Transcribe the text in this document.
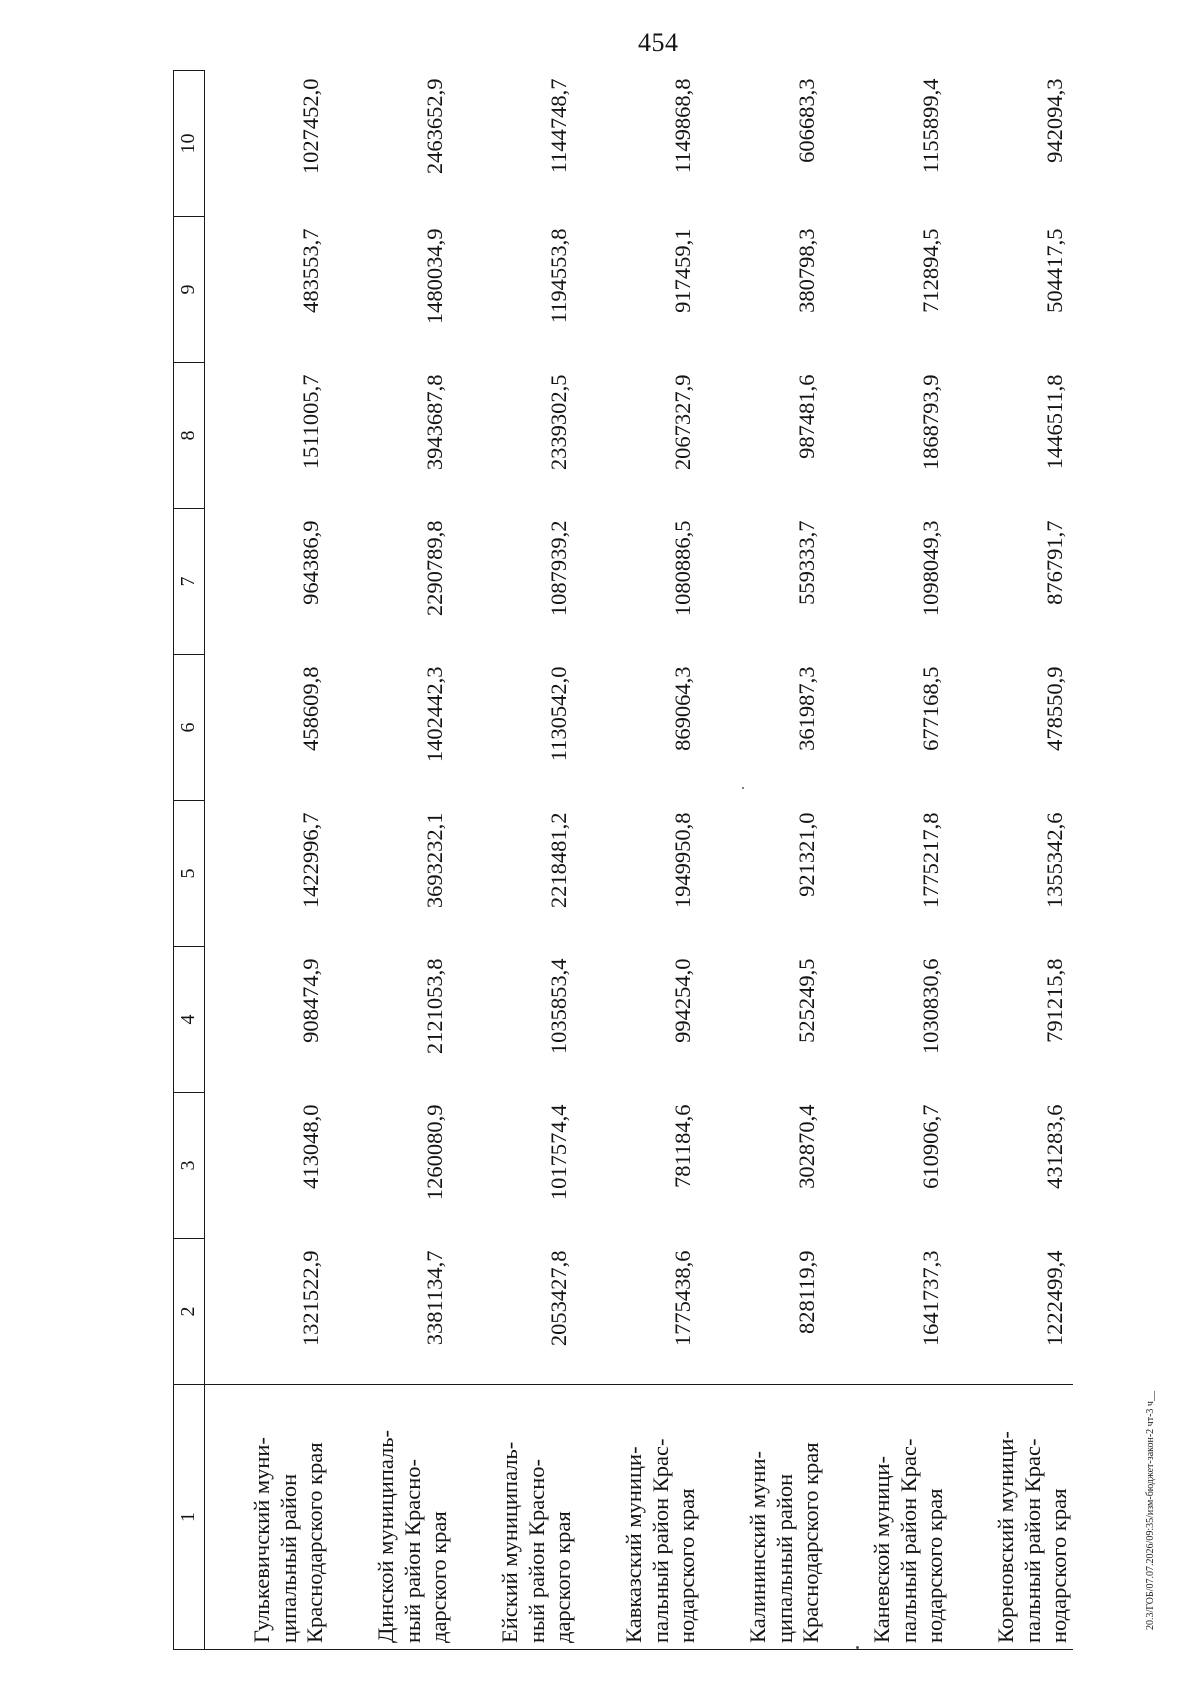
454
1	2	3	4	5	6	7	8	9	10
Гулькевичский муни-
ципальный район
Краснодарского края	1321522,9	413048,0	908474,9	1422996,7	458609,8	964386,9	1511005,7	483553,7	1027452,0
Динской муниципаль-
ный район Красно-
дарского края	3381134,7	1260080,9	2121053,8	3693232,1	1402442,3	2290789,8	3943687,8	1480034,9	2463652,9
Ейский муниципаль-
ный район Красно-
дарского края	2053427,8	1017574,4	1035853,4	2218481,2	1130542,0	1087939,2	2339302,5	1194553,8	1144748,7
Кавказский муници-
пальный район Крас-
нодарского края	1775438,6	781184,6	994254,0	1949950,8	869064,3	1080886,5	2067327,9	917459,1	1149868,8
Калининский муни-
ципальный район
Краснодарского края	828119,9	302870,4	525249,5	921321,0	361987,3	559333,7	987481,6	380798,3	606683,3
Каневской муници-
пальный район Крас-
нодарского края	1641737,3	610906,7	1030830,6	1775217,8	677168,5	1098049,3	1868793,9	712894,5	1155899,4
Кореновский муници-
пальный район Крас-
нодарского края	1222499,4	431283,6	791215,8	1355342,6	478550,9	876791,7	1446511,8	504417,5	942094,3
20.3/ГОБ/07.07.2026/09:35/изм-бюджет-закон-2 чт-3 ч__
